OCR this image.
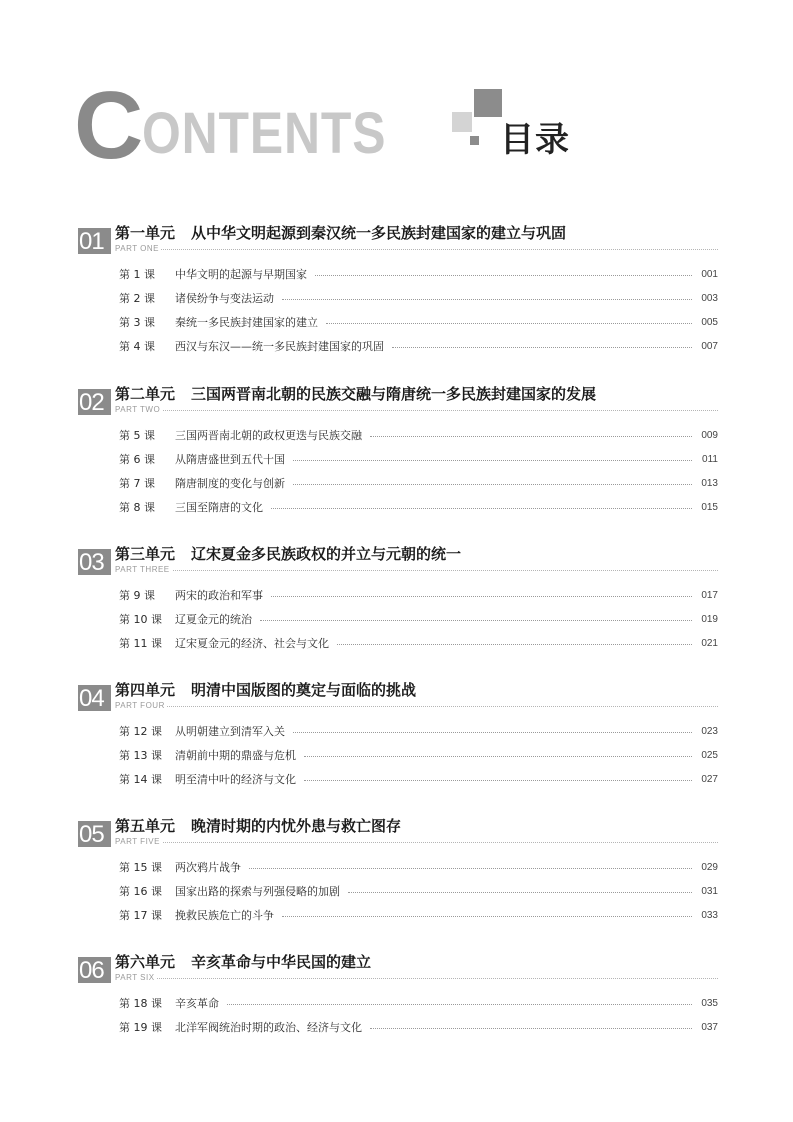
C ONTENTS	目录
01 第一单元 从中华文明起源到秦汉统一多民族封建国家的建立与巩固
PART ONE
第 1 课	中华文明的起源与早期国家	001
第 2 课	诸侯纷争与变法运动	003
第 3 课	秦统一多民族封建国家的建立	005
第 4 课	西汉与东汉——统一多民族封建国家的巩固	007
02 第二单元 三国两晋南北朝的民族交融与隋唐统一多民族封建国家的发展
PART TWO
第 5 课	三国两晋南北朝的政权更迭与民族交融	009
第 6 课	从隋唐盛世到五代十国	011
第 7 课	隋唐制度的变化与创新	013
第 8 课	三国至隋唐的文化	015
03 第三单元 辽宋夏金多民族政权的并立与元朝的统一
PART THREE
第 9 课	两宋的政治和军事	017
第 10 课	辽夏金元的统治	019
第 11 课	辽宋夏金元的经济、社会与文化	021
04 第四单元 明清中国版图的奠定与面临的挑战
PART FOUR
第 12 课	从明朝建立到清军入关	023
第 13 课	清朝前中期的鼎盛与危机	025
第 14 课	明至清中叶的经济与文化	027
05 第五单元 晚清时期的内忧外患与救亡图存
PART FIVE
第 15 课	两次鸦片战争	029
第 16 课	国家出路的探索与列强侵略的加剧	031
第 17 课	挽救民族危亡的斗争	033
06 第六单元 辛亥革命与中华民国的建立
PART SIX
第 18 课	辛亥革命	035
第 19 课	北洋军阀统治时期的政治、经济与文化	037
